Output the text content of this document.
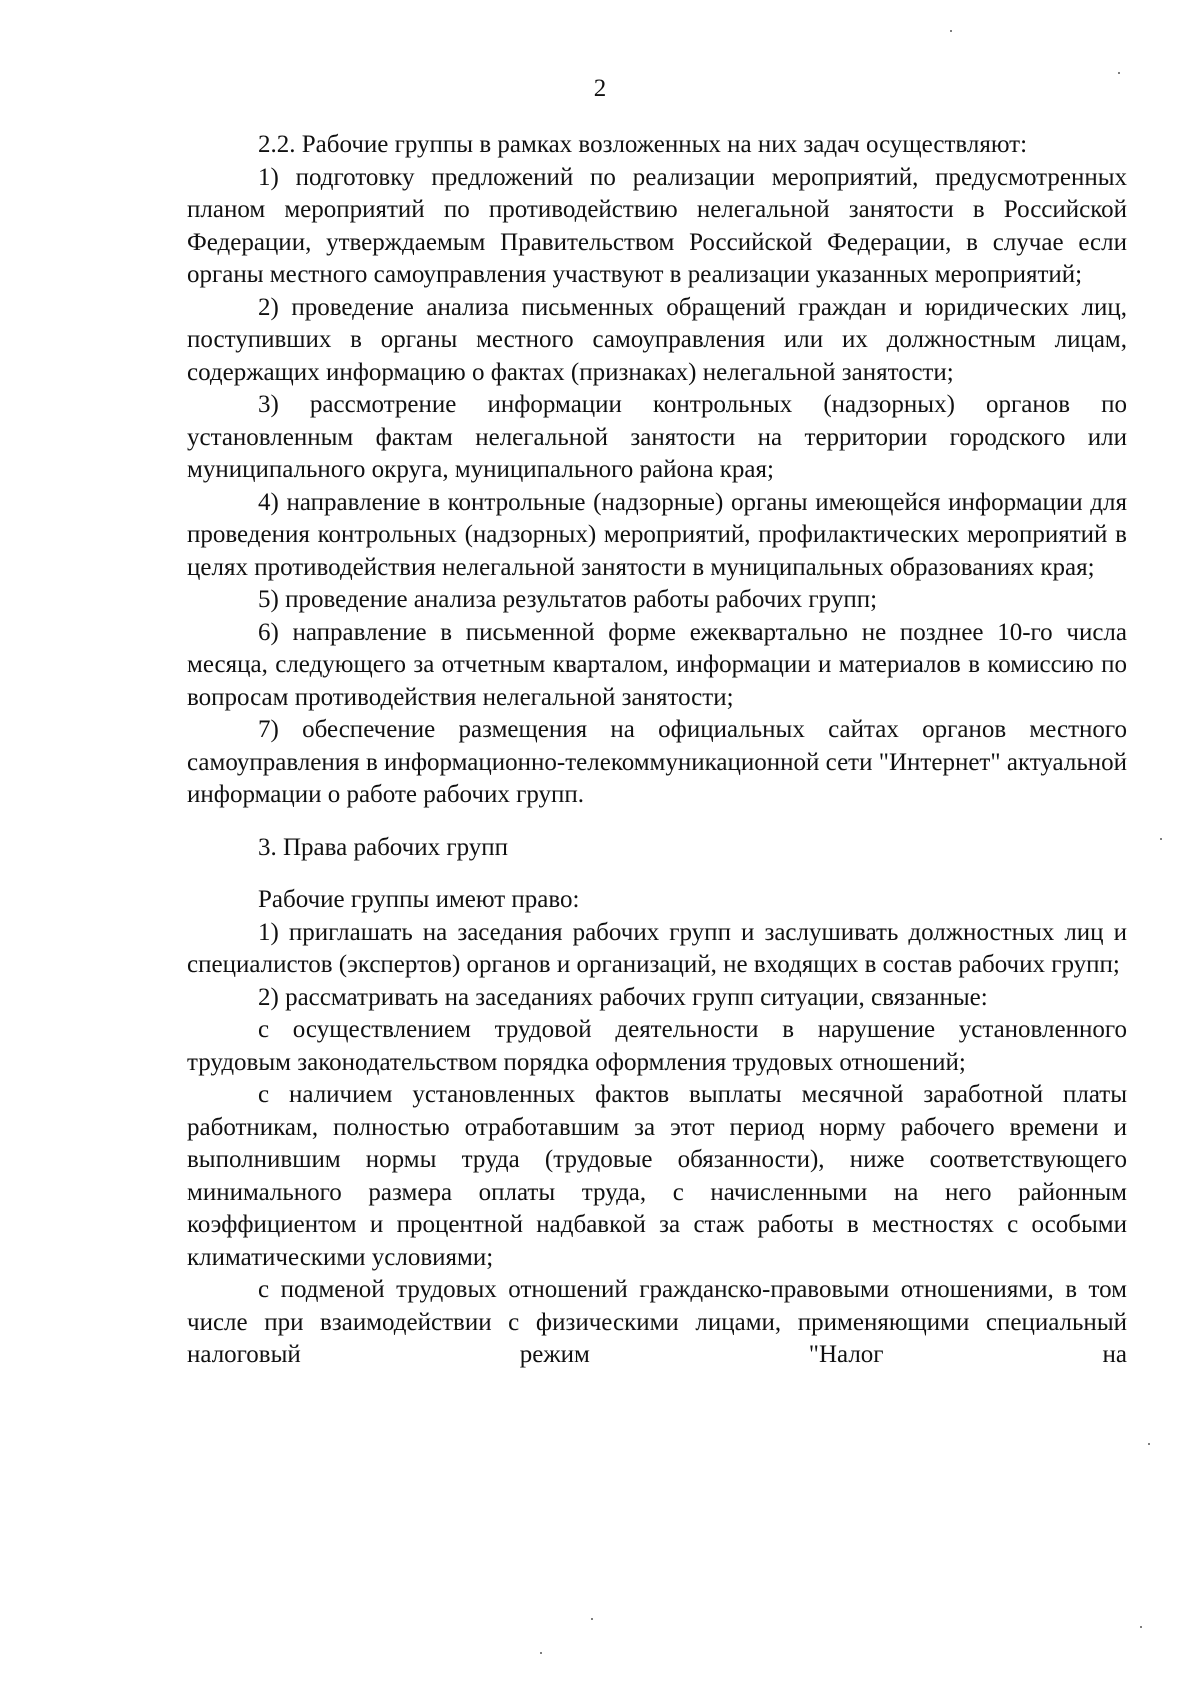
2

2.2. Рабочие группы в рамках возложенных на них задач осуществляют:

1) подготовку предложений по реализации мероприятий, предусмотренных планом мероприятий по противодействию нелегальной занятости в Российской Федерации, утверждаемым Правительством Российской Федерации, в случае если органы местного самоуправления участвуют в реализации указанных мероприятий;

2) проведение анализа письменных обращений граждан и юридических лиц, поступивших в органы местного самоуправления или их должностным лицам, содержащих информацию о фактах (признаках) нелегальной занятости;

3) рассмотрение информации контрольных (надзорных) органов по установленным фактам нелегальной занятости на территории городского или муниципального округа, муниципального района края;

4) направление в контрольные (надзорные) органы имеющейся информации для проведения контрольных (надзорных) мероприятий, профилактических мероприятий в целях противодействия нелегальной занятости в муниципальных образованиях края;

5) проведение анализа результатов работы рабочих групп;

6) направление в письменной форме ежеквартально не позднее 10-го числа месяца, следующего за отчетным кварталом, информации и материалов в комиссию по вопросам противодействия нелегальной занятости;

7) обеспечение размещения на официальных сайтах органов местного самоуправления в информационно-телекоммуникационной сети "Интернет" актуальной информации о работе рабочих групп.

3. Права рабочих групп

Рабочие группы имеют право:

1) приглашать на заседания рабочих групп и заслушивать должностных лиц и специалистов (экспертов) органов и организаций, не входящих в состав рабочих групп;

2) рассматривать на заседаниях рабочих групп ситуации, связанные:

с осуществлением трудовой деятельности в нарушение установленного трудовым законодательством порядка оформления трудовых отношений;

с наличием установленных фактов выплаты месячной заработной платы работникам, полностью отработавшим за этот период норму рабочего времени и выполнившим нормы труда (трудовые обязанности), ниже соответствующего минимального размера оплаты труда, с начисленными на него районным коэффициентом и процентной надбавкой за стаж работы в местностях с особыми климатическими условиями;

с подменой трудовых отношений гражданско-правовыми отношениями, в том числе при взаимодействии с физическими лицами, применяющими специальный налоговый режим "Налог на
